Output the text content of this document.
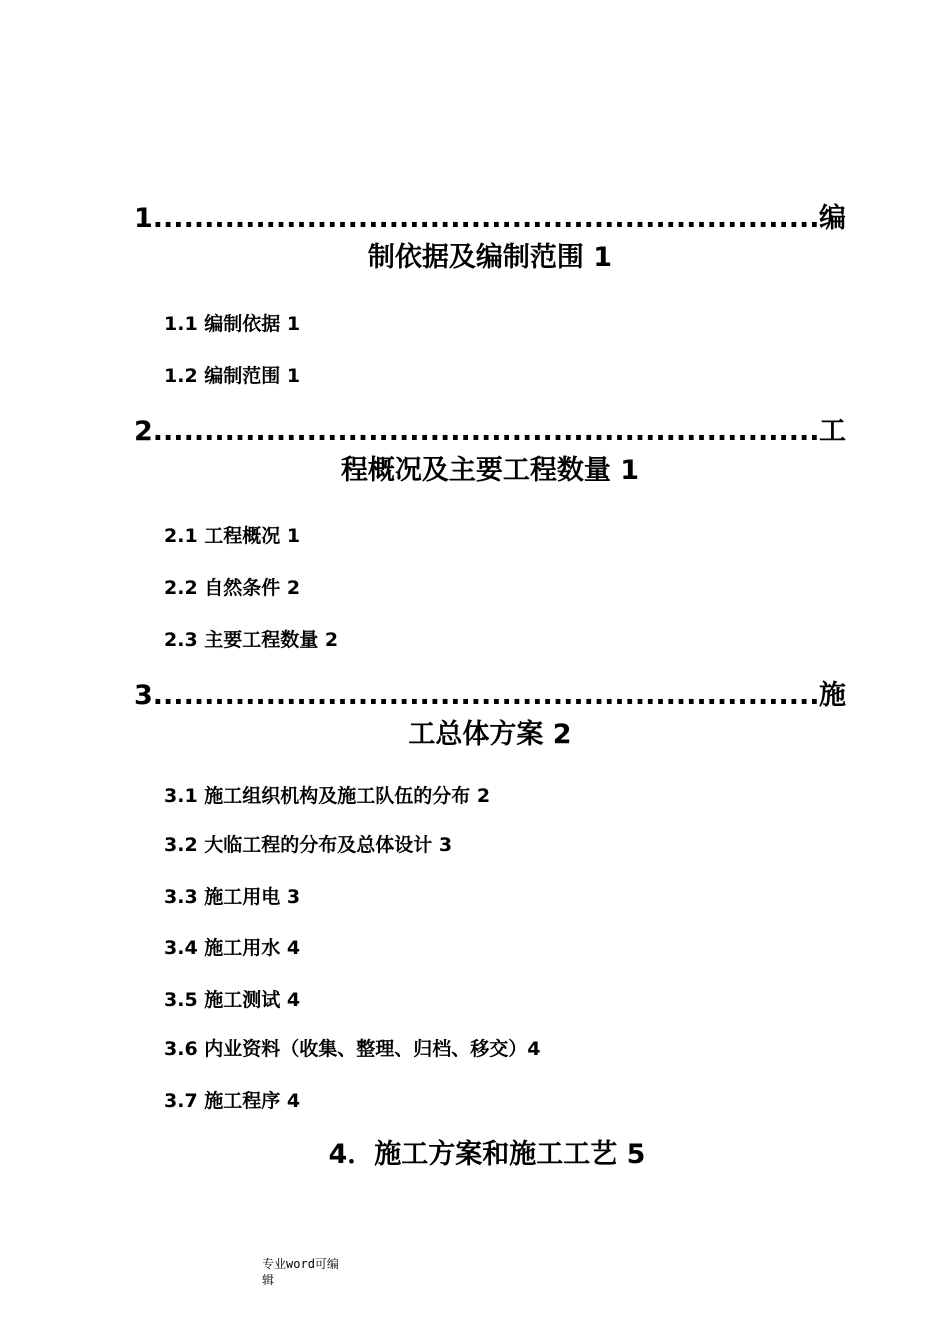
1 .....	编
制依据及编制范围 1
1.1 编制依据 1
1.2 编制范围 1
2 .....	工
程概况及主要工程数量 1
2.1 工程概况 1
2.2 自然条件 2
2.3 主要工程数量 2
3 .....	施
工总体方案 2
3.1 施工组织机构及施工队伍的分布 2
3.2 大临工程的分布及总体设计 3
3.3 施工用电 3
3.4 施工用水 4
3.5 施工测试 4
3.6 内业资料（收集、整理、归档、移交）4
3.7 施工程序 4
4．施工方案和施工工艺 5
专业word可编
辑
